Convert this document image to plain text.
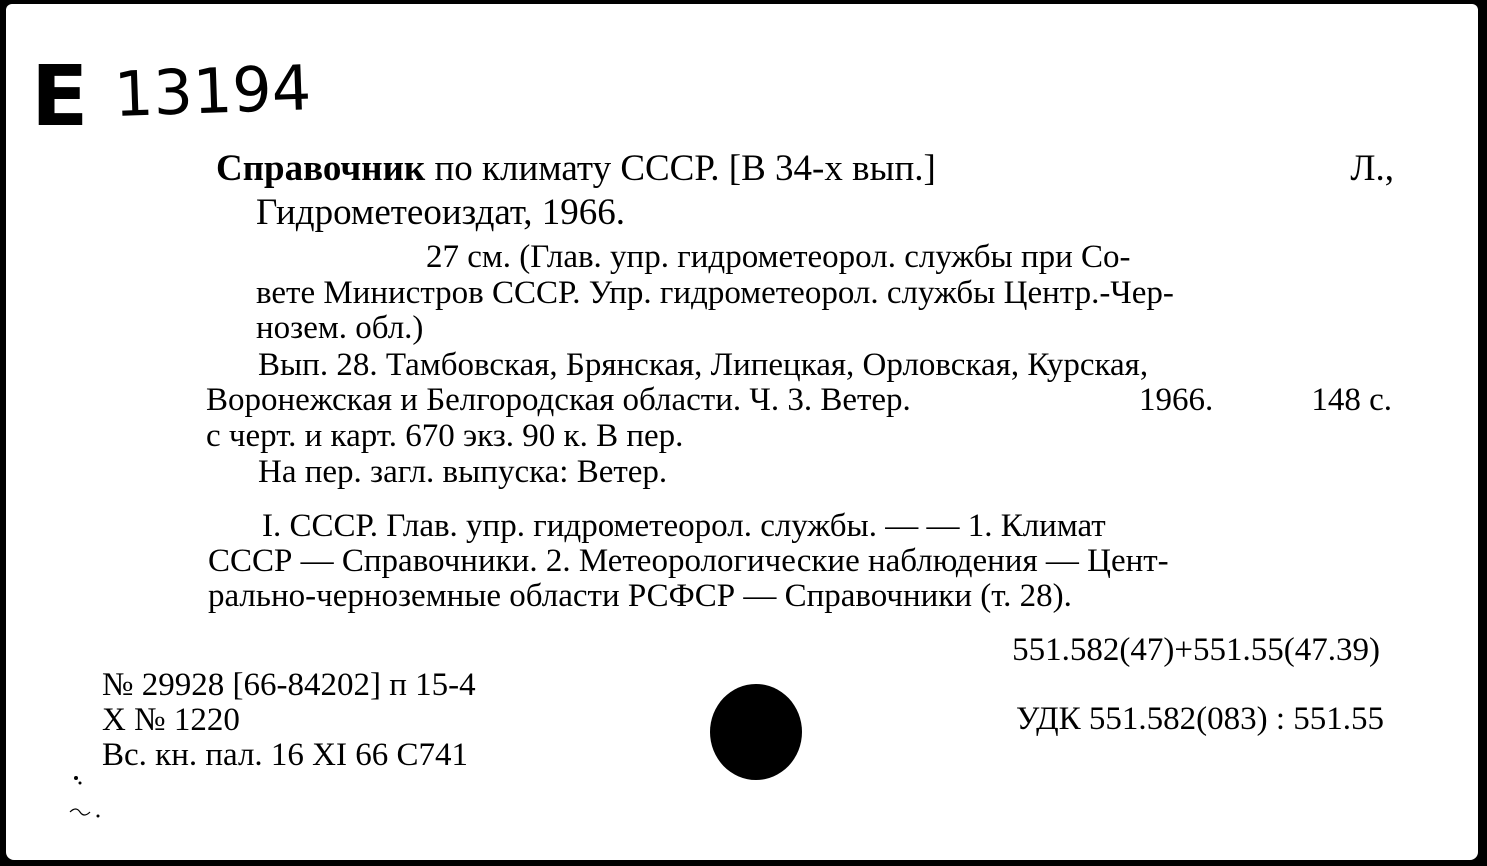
E 13194
Справочник по климату СССР. [В 34-х вып.]	Л.,
Гидрометеоиздат, 1966.
27 см. (Глав. упр. гидрометеорол. службы при Со-
вете Министров СССР. Упр. гидрометеорол. службы Центр.-Чер-
нозем. обл.)
Вып. 28. Тамбовская, Брянская, Липецкая, Орловская, Курская,
Воронежская и Белгородская области. Ч. 3. Ветер.	1966.	148 с.
с черт. и карт. 670 экз. 90 к. В пер.
На пер. загл. выпуска: Ветер.
I. СССР. Глав. упр. гидрометеорол. службы. — — 1. Климат
СССР — Справочники. 2. Метеорологические наблюдения — Цент-
рально-черноземные области РСФСР — Справочники (т. 28).
551.582(47)+551.55(47.39)
УДК 551.582(083) : 551.55
№ 29928 [66-84202] п 15-4
Х № 1220
Вс. кн. пал. 16 XI 66 С741
